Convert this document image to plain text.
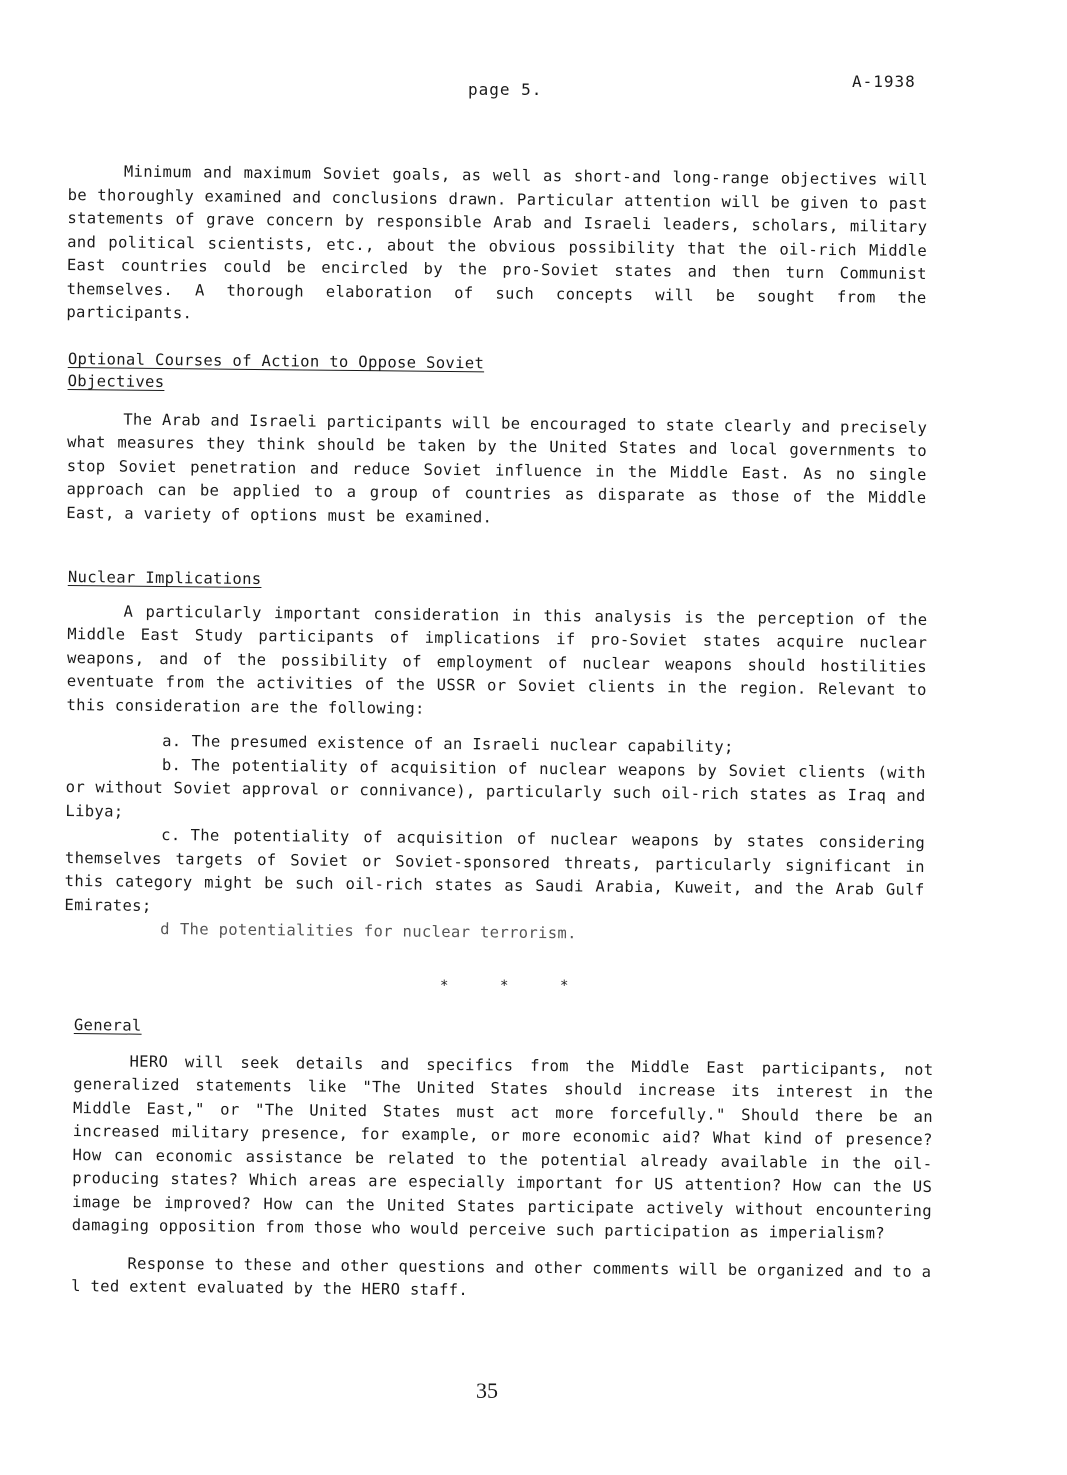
page 5.	A-1938

Minimum and maximum Soviet goals, as well as short-and long-range objectives will be thoroughly examined and conclusions drawn. Particular attention will be given to past statements of grave concern by responsible Arab and Israeli leaders, scholars, military and political scientists, etc., about the obvious possibility that the oil-rich Middle East countries could be encircled by the pro-Soviet states and then turn Communist themselves. A thorough elaboration of such concepts will be sought from the participants.

Optional Courses of Action to Oppose Soviet
Objectives

The Arab and Israeli participants will be encouraged to state clearly and precisely what measures they think should be taken by the United States and local governments to stop Soviet penetration and reduce Soviet influence in the Middle East. As no single approach can be applied to a group of countries as disparate as those of the Middle East, a variety of options must be examined.

Nuclear Implications

A particularly important consideration in this analysis is the perception of the Middle East Study participants of implications if pro-Soviet states acquire nuclear weapons, and of the possibility of employment of nuclear weapons should hostilities eventuate from the activities of the USSR or Soviet clients in the region. Relevant to this consideration are the following:

a. The presumed existence of an Israeli nuclear capability;

b. The potentiality of acquisition of nuclear weapons by Soviet clients (with or without Soviet approval or connivance), particularly such oil-rich states as Iraq and Libya;

c. The potentiality of acquisition of nuclear weapons by states considering themselves targets of Soviet or Soviet-sponsored threats, particularly significant in this category might be such oil-rich states as Saudi Arabia, Kuweit, and the Arab Gulf Emirates;

d The potentialities for nuclear terrorism.

*	*	*
General

HERO will seek details and specifics from the Middle East participants, not generalized statements like "The United States should increase its interest in the Middle East," or "The United States must act more forcefully." Should there be an increased military presence, for example, or more economic aid? What kind of presence? How can economic assistance be related to the potential already available in the oil-producing states? Which areas are especially important for US attention? How can the US image be improved? How can the United States participate actively without encountering damaging opposition from those who would perceive such participation as imperialism?

Response to these and other questions and other comments will be organized and to a l ted extent evaluated by the HERO staff.

35
